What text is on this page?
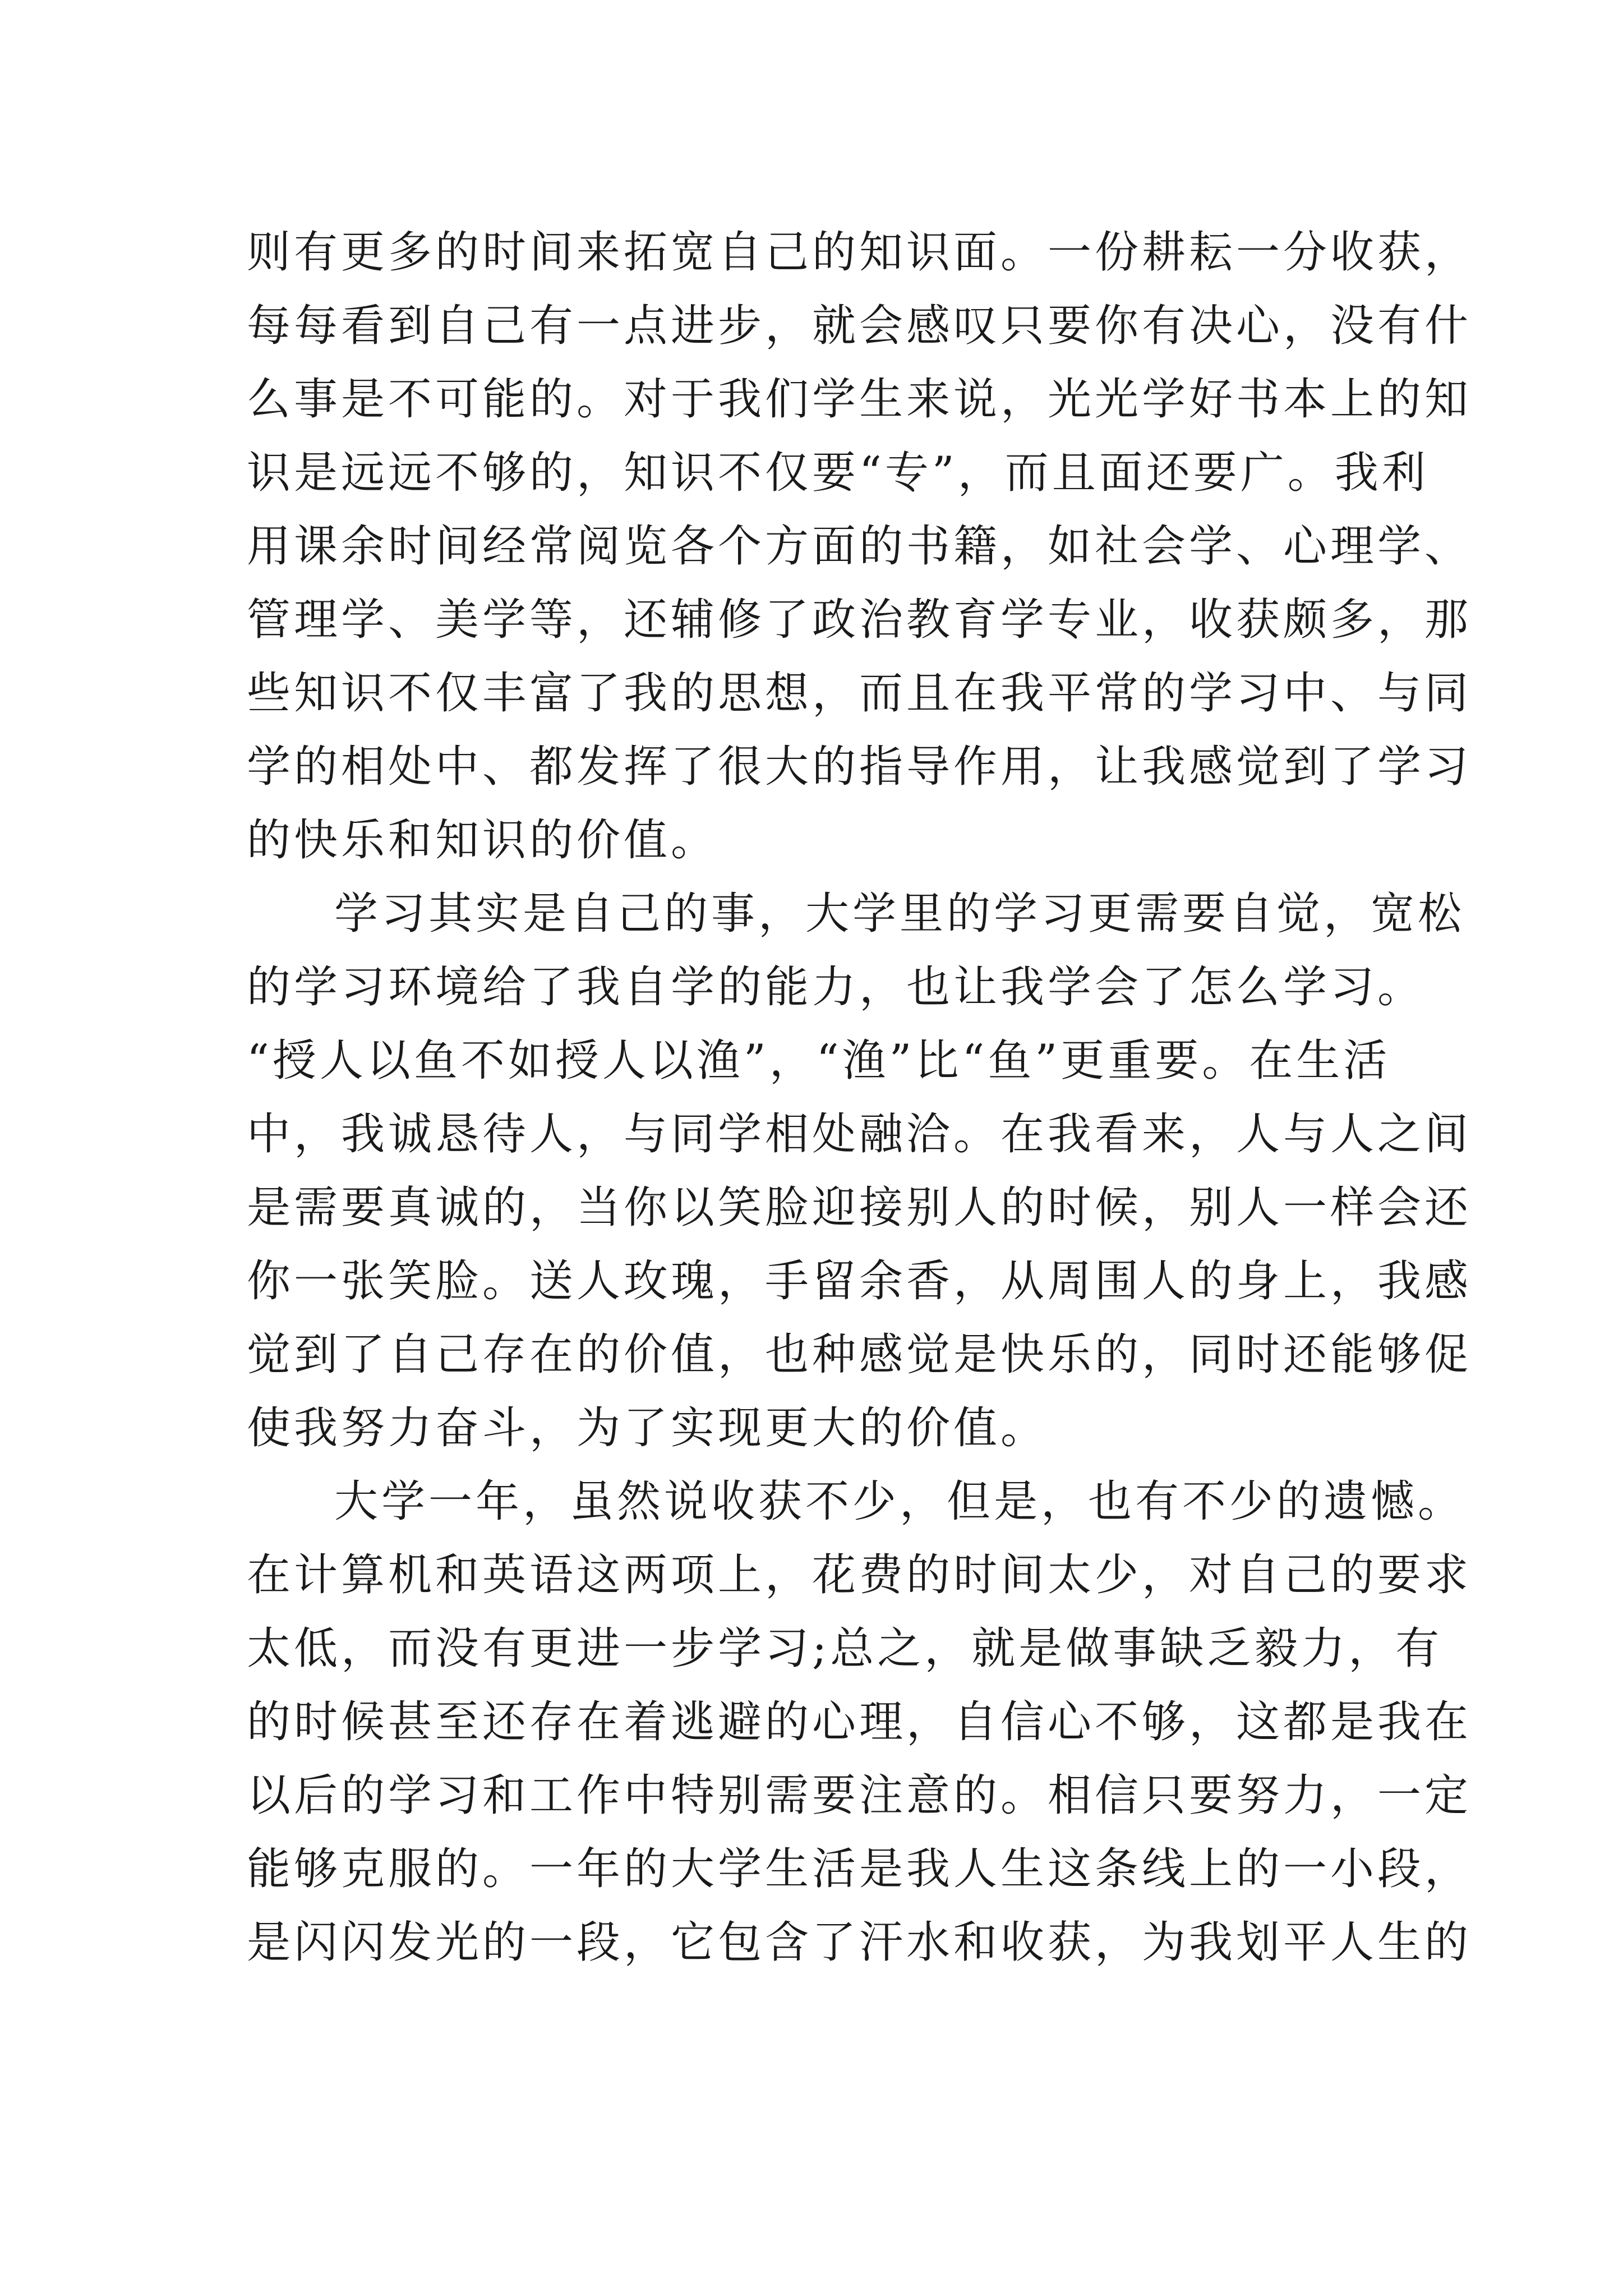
则有更多的时间来拓宽自己的知识面。一份耕耘一分收获，
每每看到自己有一点进步，就会感叹只要你有决心，没有什
么事是不可能的。对于我们学生来说，光光学好书本上的知
识是远远不够的，知识不仅要“专”，而且面还要广。我利
用课余时间经常阅览各个方面的书籍，如社会学、心理学、
管理学、美学等，还辅修了政治教育学专业，收获颇多，那
些知识不仅丰富了我的思想，而且在我平常的学习中、与同
学的相处中、都发挥了很大的指导作用，让我感觉到了学习
的快乐和知识的价值。
学习其实是自己的事，大学里的学习更需要自觉，宽松
的学习环境给了我自学的能力，也让我学会了怎么学习。
“授人以鱼不如授人以渔”，“渔”比“鱼”更重要。在生活
中，我诚恳待人，与同学相处融洽。在我看来，人与人之间
是需要真诚的，当你以笑脸迎接别人的时候，别人一样会还
你一张笑脸。送人玫瑰，手留余香，从周围人的身上，我感
觉到了自己存在的价值，也种感觉是快乐的，同时还能够促
使我努力奋斗，为了实现更大的价值。
大学一年，虽然说收获不少，但是，也有不少的遗憾。
在计算机和英语这两项上，花费的时间太少，对自己的要求
太低，而没有更进一步学习;总之，就是做事缺乏毅力，有
的时候甚至还存在着逃避的心理，自信心不够，这都是我在
以后的学习和工作中特别需要注意的。相信只要努力，一定
能够克服的。一年的大学生活是我人生这条线上的一小段，
是闪闪发光的一段，它包含了汗水和收获，为我划平人生的
